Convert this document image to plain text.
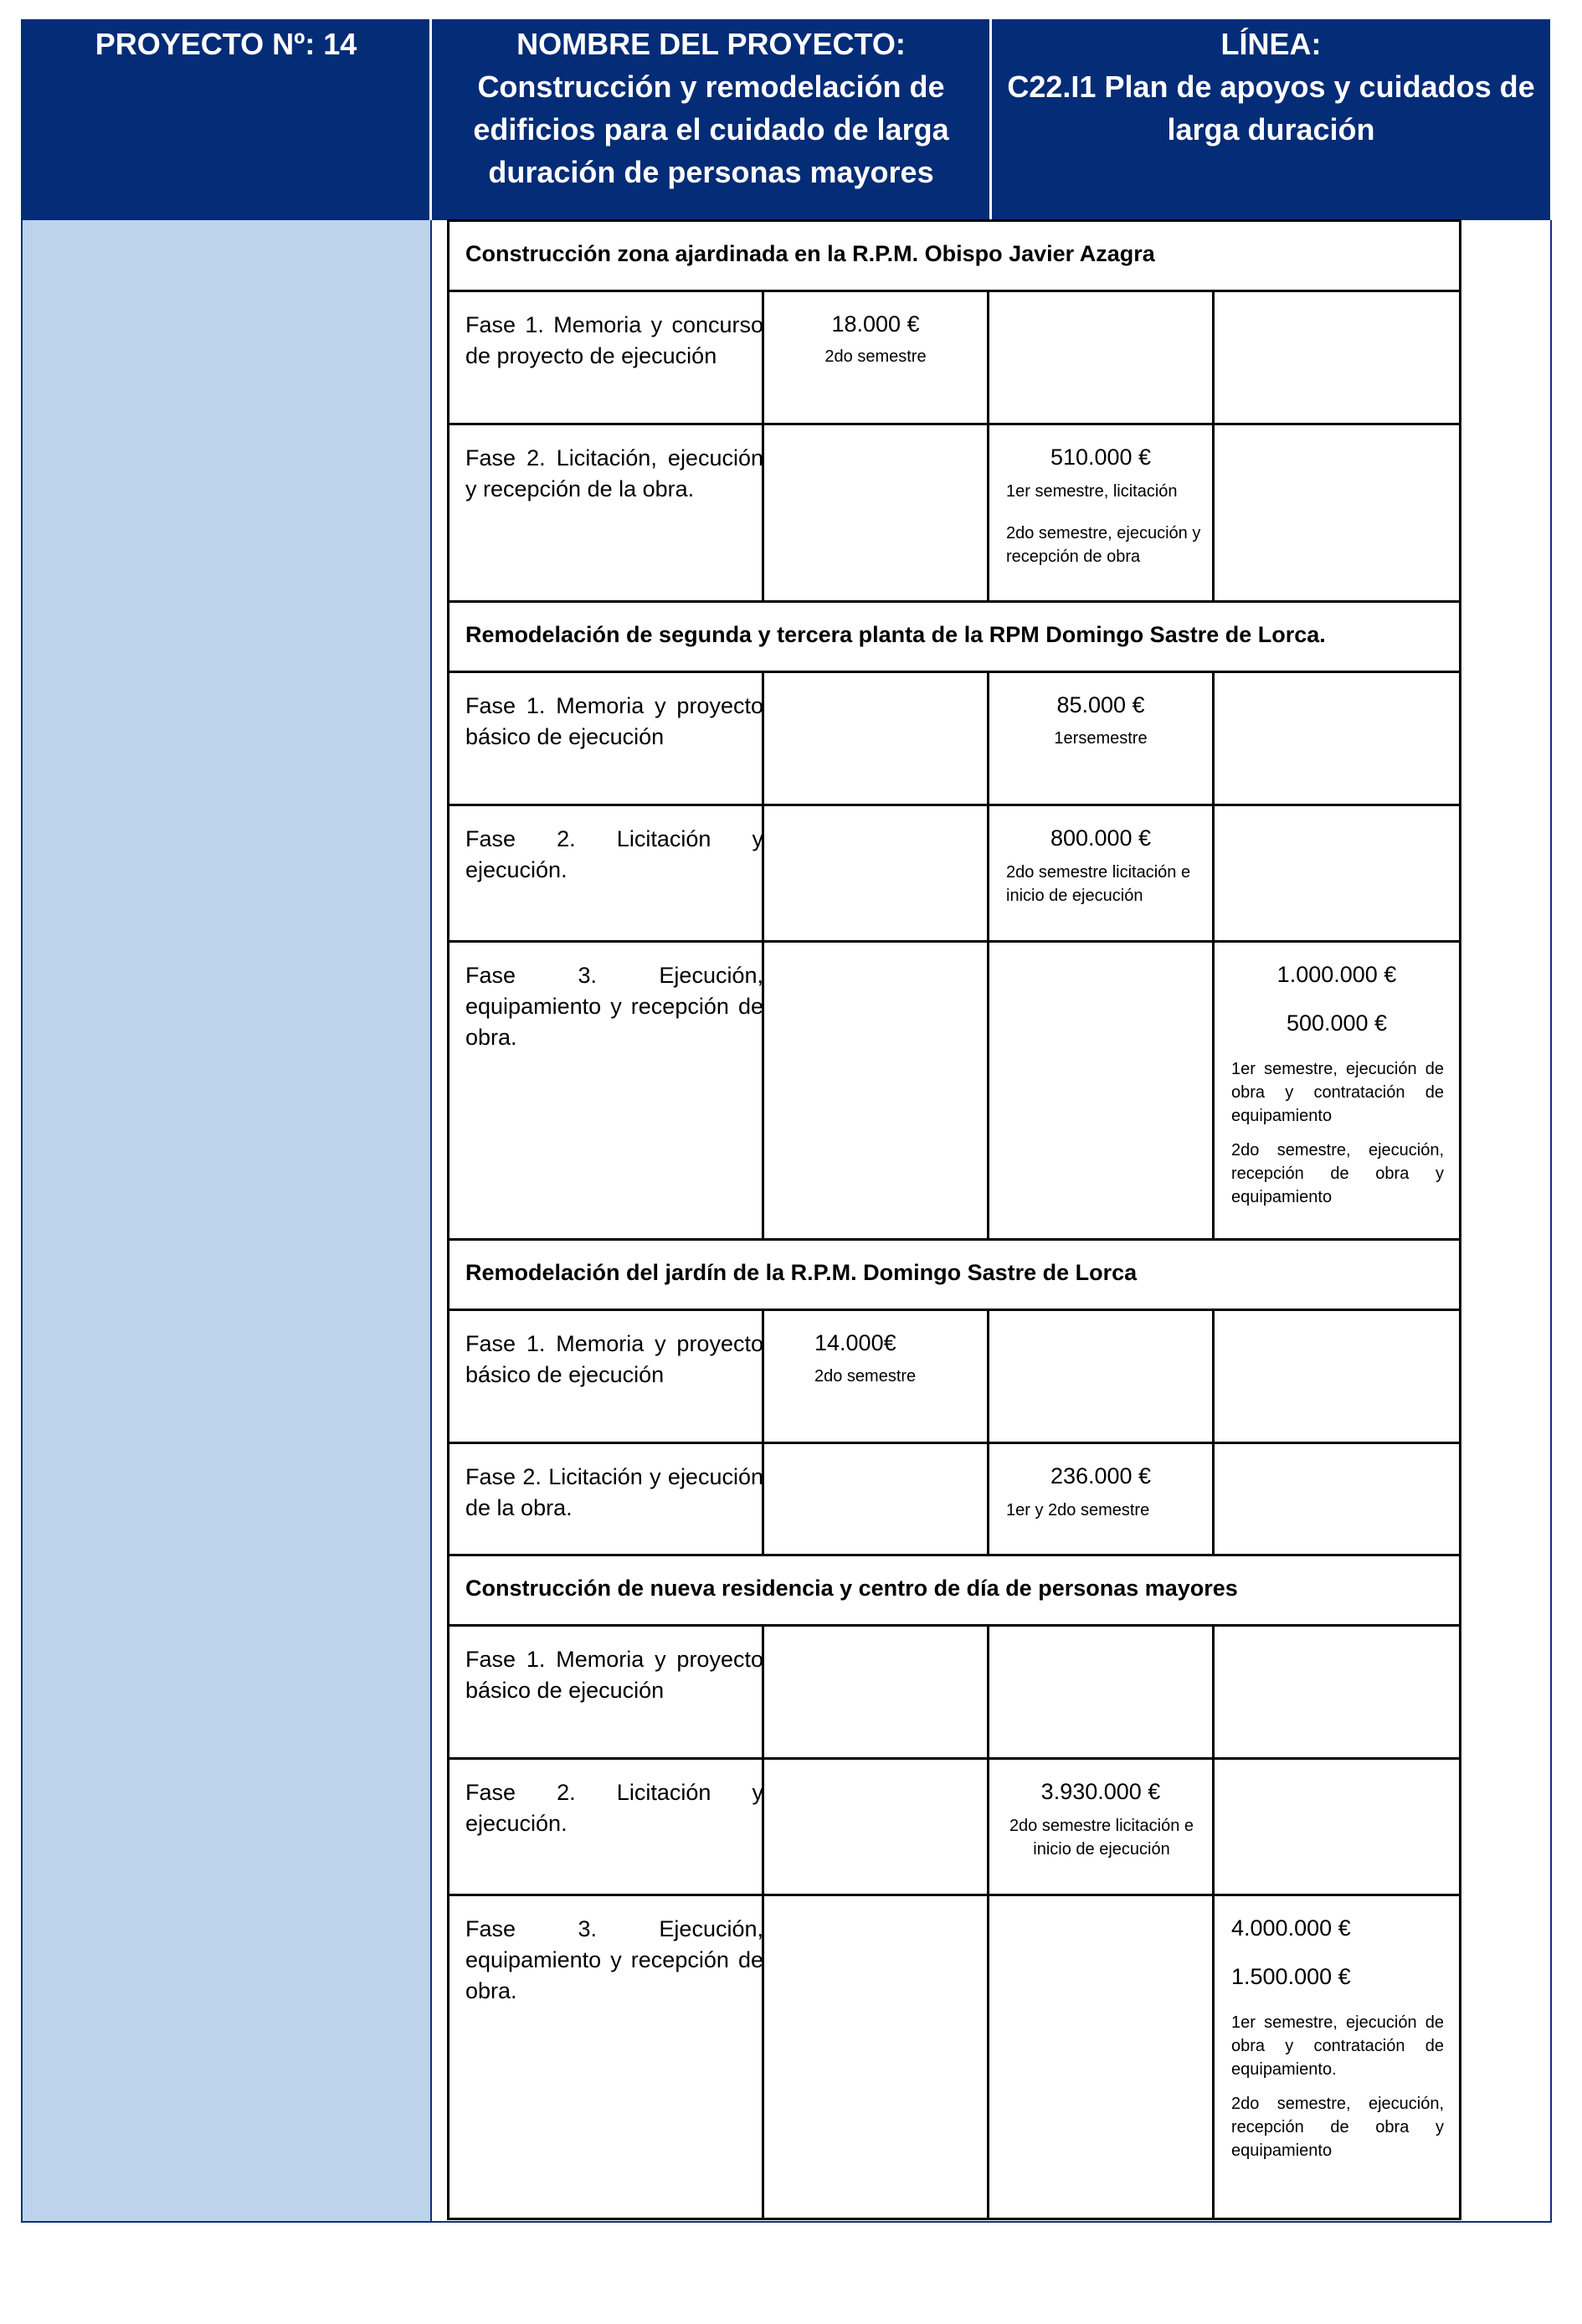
PROYECTO Nº: 14	NOMBRE DEL PROYECTO:
Construcción y remodelación de
edificios para el cuidado de larga
duración de personas mayores
LÍNEA:
C22.I1 Plan de apoyos y cuidados de
larga duración
Construcción zona ajardinada en la R.P.M. Obispo Javier Azagra
Fase 1. Memoria y concurso de proyecto de ejecución
18.000 €
2do semestre
Fase 2. Licitación, ejecución y recepción de la obra.
510.000 €
1er semestre, licitación
2do semestre, ejecución y recepción de obra
Remodelación de segunda y tercera planta de la RPM Domingo Sastre de Lorca.
Fase 1. Memoria y proyecto básico de ejecución
85.000 €
1ersemestre
Fase 2. Licitación y ejecución.
800.000 €
2do semestre licitación e inicio de ejecución
Fase 3. Ejecución, equipamiento y recepción de obra.
1.000.000 €
500.000 €
1er semestre, ejecución de obra y contratación de equipamiento
2do semestre, ejecución, recepción de obra y equipamiento
Remodelación del jardín de la R.P.M. Domingo Sastre de Lorca
Fase 1. Memoria y proyecto básico de ejecución
14.000€
2do semestre
Fase 2. Licitación y ejecución de la obra.
236.000 €
1er y 2do semestre
Construcción de nueva residencia y centro de día de personas mayores
Fase 1. Memoria y proyecto básico de ejecución
Fase 2. Licitación y ejecución.
3.930.000 €
2do semestre licitación e inicio de ejecución
Fase 3. Ejecución, equipamiento y recepción de obra.
4.000.000 €
1.500.000 €
1er semestre, ejecución de obra y contratación de equipamiento.
2do semestre, ejecución, recepción de obra y equipamiento
